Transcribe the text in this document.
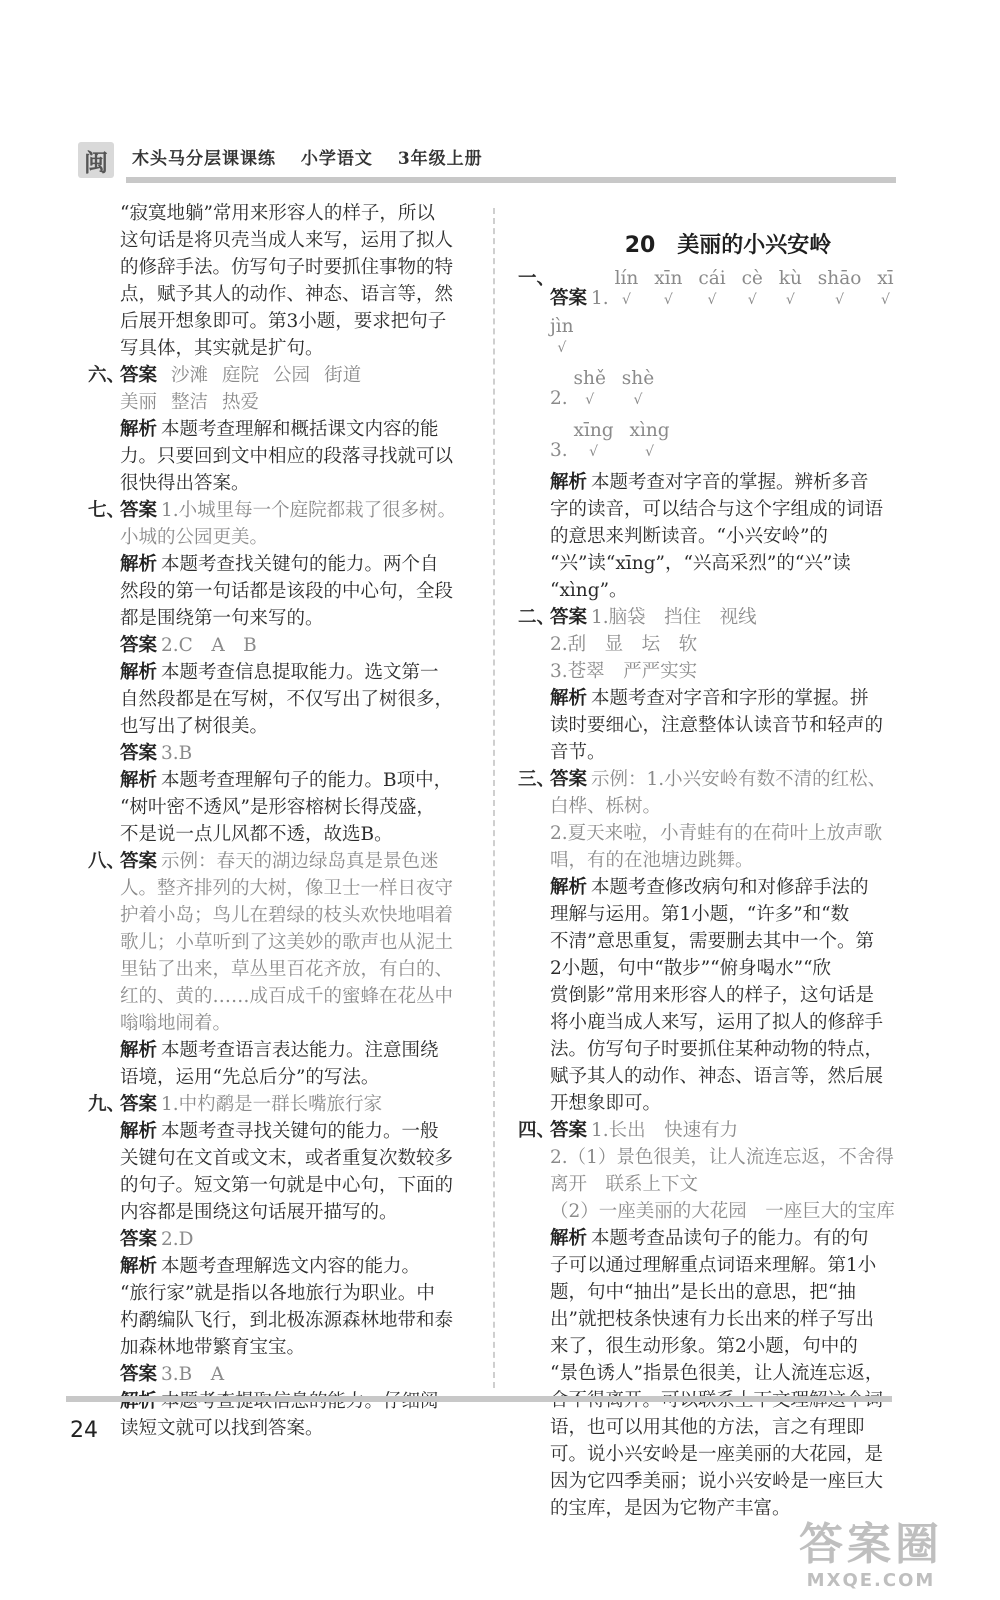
闽	木头马分层课课练 小学语文 3年级上册
“寂寞地躺”常用来形容人的样子，所以
这句话是将贝壳当成人来写，运用了拟人
的修辞手法。仿写句子时要抓住事物的特
点，赋予其人的动作、神态、语言等，然
后展开想象即可。第3小题，要求把句子
写具体，其实就是扩句。
六、
答案 沙滩 庭院 公园 街道
美丽 整洁 热爱
解析 本题考查理解和概括课文内容的能
力。只要回到文中相应的段落寻找就可以
很快得出答案。
七、
答案 1.小城里每一个庭院都栽了很多树。
小城的公园更美。
解析 本题考查找关键句的能力。两个自
然段的第一句话都是该段的中心句，全段
都是围绕第一句来写的。
答案 2.C　A　B
解析 本题考查信息提取能力。选文第一
自然段都是在写树，不仅写出了树很多，
也写出了树很美。
答案 3.B
解析 本题考查理解句子的能力。B项中，
“树叶密不透风”是形容榕树长得茂盛，
不是说一点儿风都不透，故选B。
八、
答案 示例：春天的湖边绿岛真是景色迷
人。整齐排列的大树，像卫士一样日夜守
护着小岛；鸟儿在碧绿的枝头欢快地唱着
歌儿；小草听到了这美妙的歌声也从泥土
里钻了出来，草丛里百花齐放，有白的、
红的、黄的……成百成千的蜜蜂在花丛中
嗡嗡地闹着。
解析 本题考查语言表达能力。注意围绕
语境，运用“先总后分”的写法。
九、
答案 1.中杓鹬是一群长嘴旅行家
解析 本题考查寻找关键句的能力。一般
关键句在文首或文末，或者重复次数较多
的句子。短文第一句就是中心句，下面的
内容都是围绕这句话展开描写的。
答案 2.D
解析 本题考查理解选文内容的能力。
“旅行家”就是指以各地旅行为职业。中
杓鹬编队飞行，到北极冻源森林地带和泰
加森林地带繁育宝宝。
答案 3.B　A
读短文就可以找到答案。
20　美丽的小兴安岭
一、
答案 1. lín
√
xīn
√
cái
√
cè
√
kù
√
shāo
√
xī
√
jìn
√
2. shě
√
shè
√
3. xīng
√
xìng
√
解析 本题考查对字音的掌握。辨析多音
字的读音，可以结合与这个字组成的词语
的意思来判断读音。“小兴安岭”的
“兴”读“xīng”，“兴高采烈”的“兴”读
“xìng”。
二、
答案 1.脑袋　挡住　视线
2.刮　显　坛　软
3.苍翠　严严实实
解析 本题考查对字音和字形的掌握。拼
读时要细心，注意整体认读音节和轻声的
音节。
三、
答案 示例：1.小兴安岭有数不清的红松、
白桦、栎树。
2.夏天来啦，小青蛙有的在荷叶上放声歌
唱，有的在池塘边跳舞。
解析 本题考查修改病句和对修辞手法的
理解与运用。第1小题，“许多”和“数
不清”意思重复，需要删去其中一个。第
2小题，句中“散步”“俯身喝水”“欣
赏倒影”常用来形容人的样子，这句话是
将小鹿当成人来写，运用了拟人的修辞手
法。仿写句子时要抓住某种动物的特点，
赋予其人的动作、神态、语言等，然后展
开想象即可。
四、
答案 1.长出　快速有力
2.（1）景色很美，让人流连忘返，不舍得
离开　联系上下文
（2）一座美丽的大花园　一座巨大的宝库
解析 本题考查品读句子的能力。有的句
子可以通过理解重点词语来理解。第1小
题，句中“抽出”是长出的意思，把“抽
出”就把枝条快速有力长出来的样子写出
来了，很生动形象。第2小题，句中的
“景色诱人”指景色很美，让人流连忘返，
语，也可以用其他的方法，言之有理即
可。说小兴安岭是一座美丽的大花园，是
因为它四季美丽；说小兴安岭是一座巨大
的宝库，是因为它物产丰富。
24
答案圈
MXQE.COM
